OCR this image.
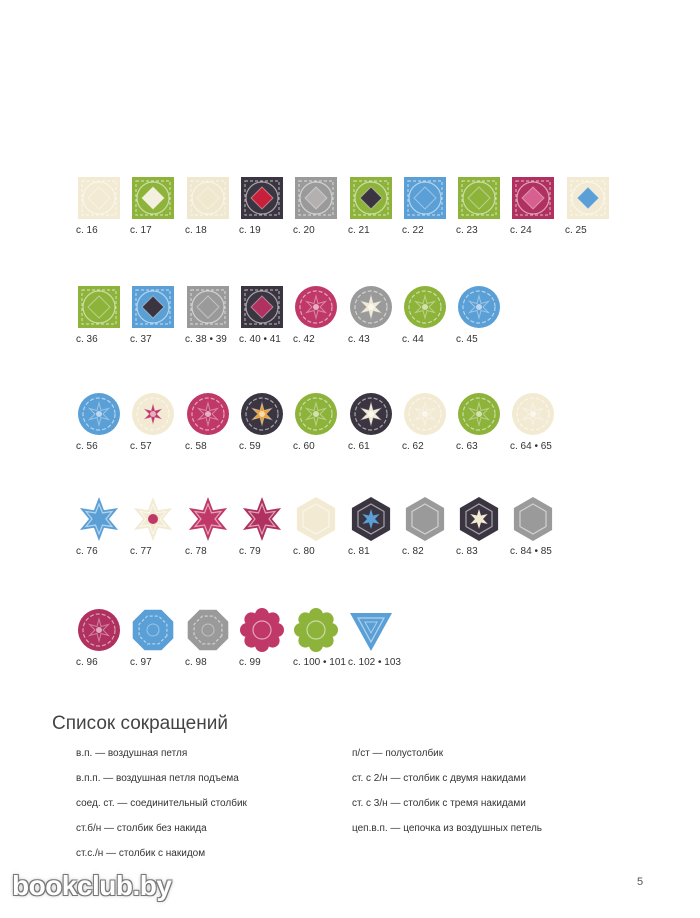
с. 16	с. 17	с. 18	с. 19	с. 20	с. 21	с. 22	с. 23	с. 24	с. 25
с. 36	с. 37	с. 38 • 39	с. 40 • 41	с. 42	с. 43	с. 44	с. 45
с. 56	с. 57	с. 58	с. 59	с. 60	с. 61	с. 62	с. 63	с. 64 • 65
с. 76	с. 77	с. 78	с. 79	с. 80	с. 81	с. 82	с. 83	с. 84 • 85
с. 96	с. 97	с. 98	с. 99	с. 100 • 101 с. 102 • 103
Список сокращений
в.п. — воздушная петля
в.п.п. — воздушная петля подъема
соед. ст. — соединительный столбик
ст.б/н — столбик без накида
ст.с./н — столбик с накидом
п/ст — полустолбик
ст. с 2/н — столбик с двумя накидами
ст. с 3/н — столбик с тремя накидами
цеп.в.п. — цепочка из воздушных петель
5
bookclub.by
